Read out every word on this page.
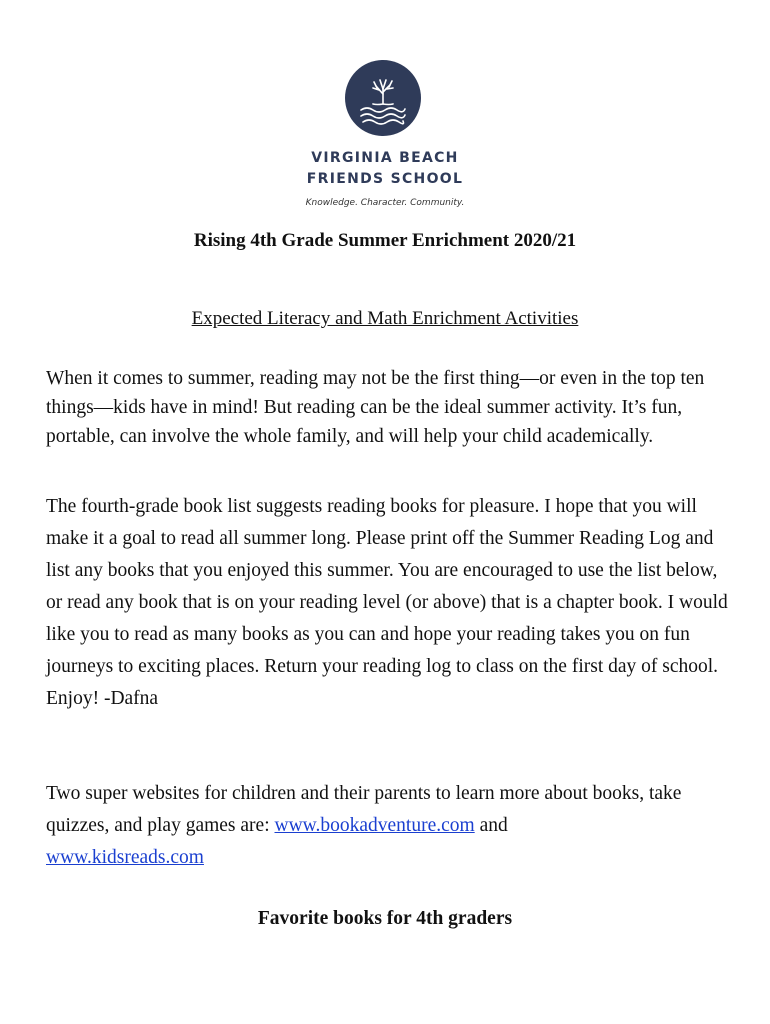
VIRGINIA BEACH
FRIENDS SCHOOL
Knowledge. Character. Community.
Rising 4th Grade Summer Enrichment 2020/21
Expected Literacy and Math Enrichment Activities

When it comes to summer, reading may not be the first thing—or even in the top ten things—kids have in mind! But reading can be the ideal summer activity. It’s fun, portable, can involve the whole family, and will help your child academically.

The fourth-grade book list suggests reading books for pleasure. I hope that you will make it a goal to read all summer long. Please print off the Summer Reading Log and list any books that you enjoyed this summer. You are encouraged to use the list below, or read any book that is on your reading level (or above) that is a chapter book. I would like you to read as many books as you can and hope your reading takes you on fun journeys to exciting places. Return your reading log to class on the first day of school. Enjoy! -Dafna

Two super websites for children and their parents to learn more about books, take quizzes, and play games are: www.bookadventure.com and
www.kidsreads.com

Favorite books for 4th graders
